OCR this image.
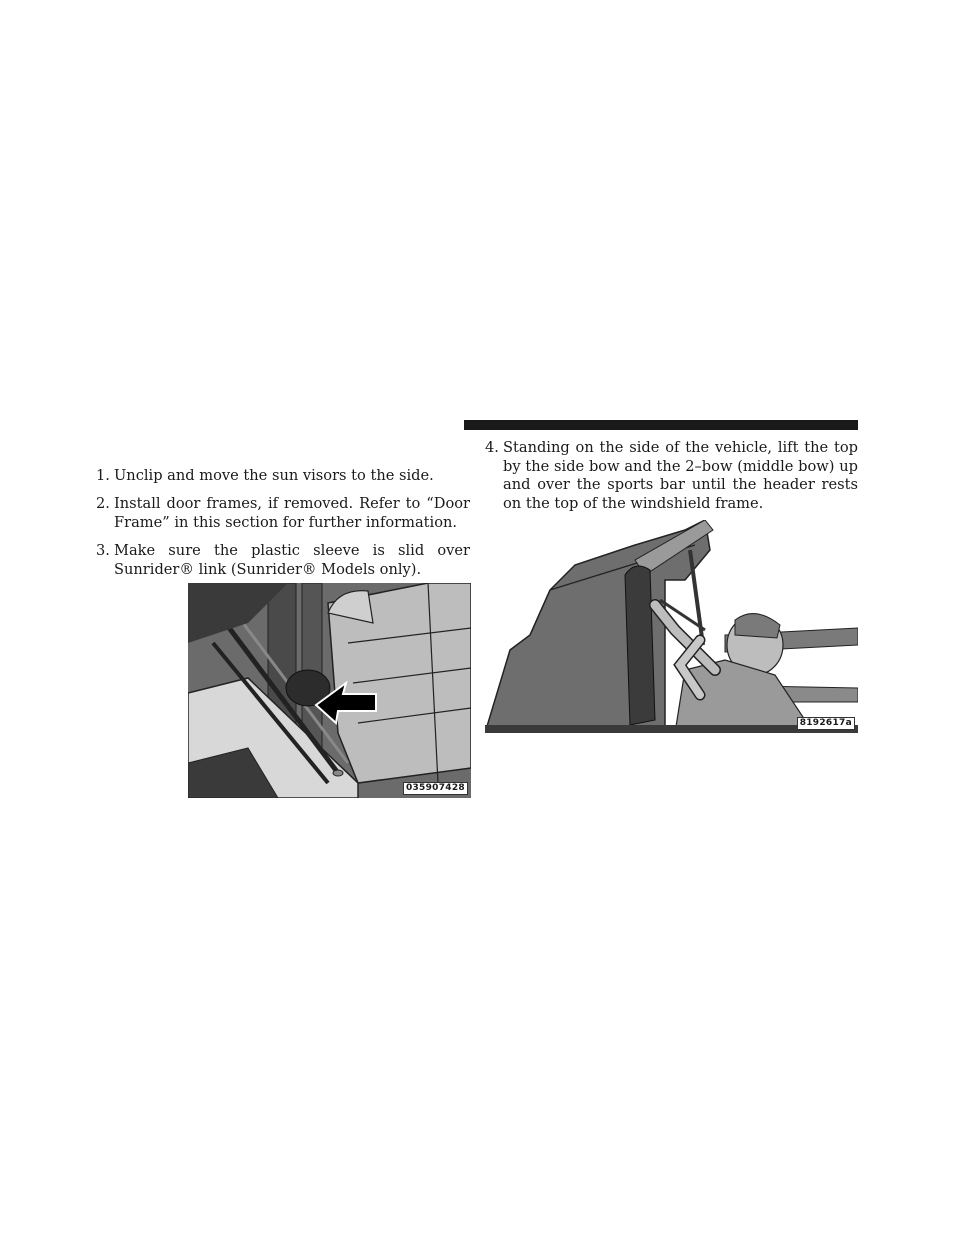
1. Unclip and move the sun visors to the side.

2. Install door frames, if removed. Refer to “Door Frame” in this section for further information.

3. Make sure the plastic sleeve is slid over Sunrider® link (Sunrider® Models only).

4. Standing on the side of the vehicle, lift the top by the side bow and the 2–bow (middle bow) up and over the sports bar until the header rests on the top of the windshield frame.

035907428
8192617a
